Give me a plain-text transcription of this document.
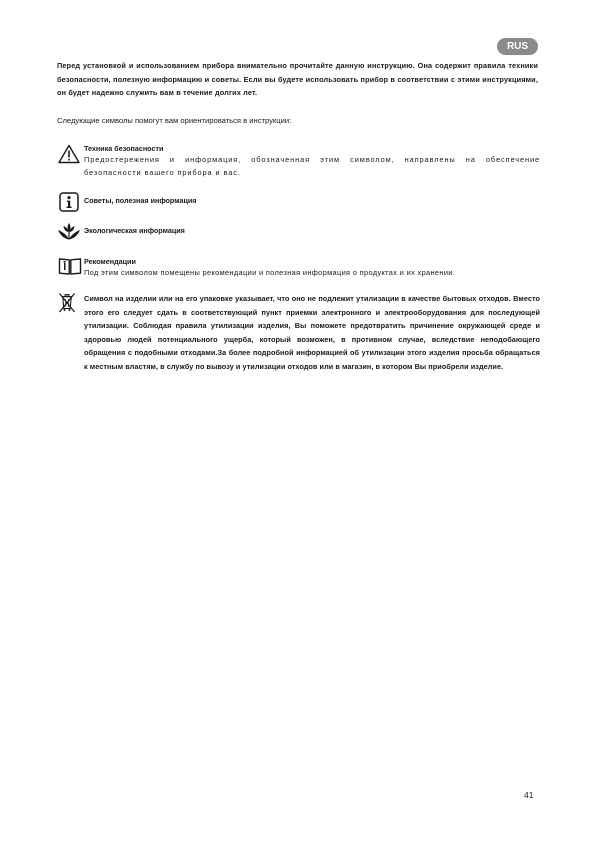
RUS
Перед установкой и использованием прибора внимательно прочитайте данную инструкцию. Она содержит правила техники безопасности, полезную информацию и советы. Если вы будете использовать прибор в соответствии с этими инструкциями, он будет надежно служить вам в течение долгих лет.
Следующие символы помогут вам ориентироваться в инструкции:
Техника безопасности
Предостережения и информация, обозначенная этим символом, направлены на обеспечение безопасности вашего прибора и вас.
Советы, полезная информация
Экологическая информация
Рекомендации
Под этим символом помещены рекомендации и полезная информация о продуктах и их хранении.
Символ на изделии или на его упаковке указывает, что оно не подлежит утилизации в качестве бытовых отходов. Вместо этого его следует сдать в соответствующий пункт приемки электронного и электрооборудования для последующей утилизации. Соблюдая правила утилизации изделия, Вы поможете предотвратить причинение окружающей среде и здоровью людей потенциального ущерба, который возможен, в противном случае, вследствие неподобающего обращения с подобными отходами.За более подробной информацией об утилизации этого изделия просьба обращаться к местным властям, в службу по вывозу и утилизации отходов или в магазин, в котором Вы приобрели изделие.
41
